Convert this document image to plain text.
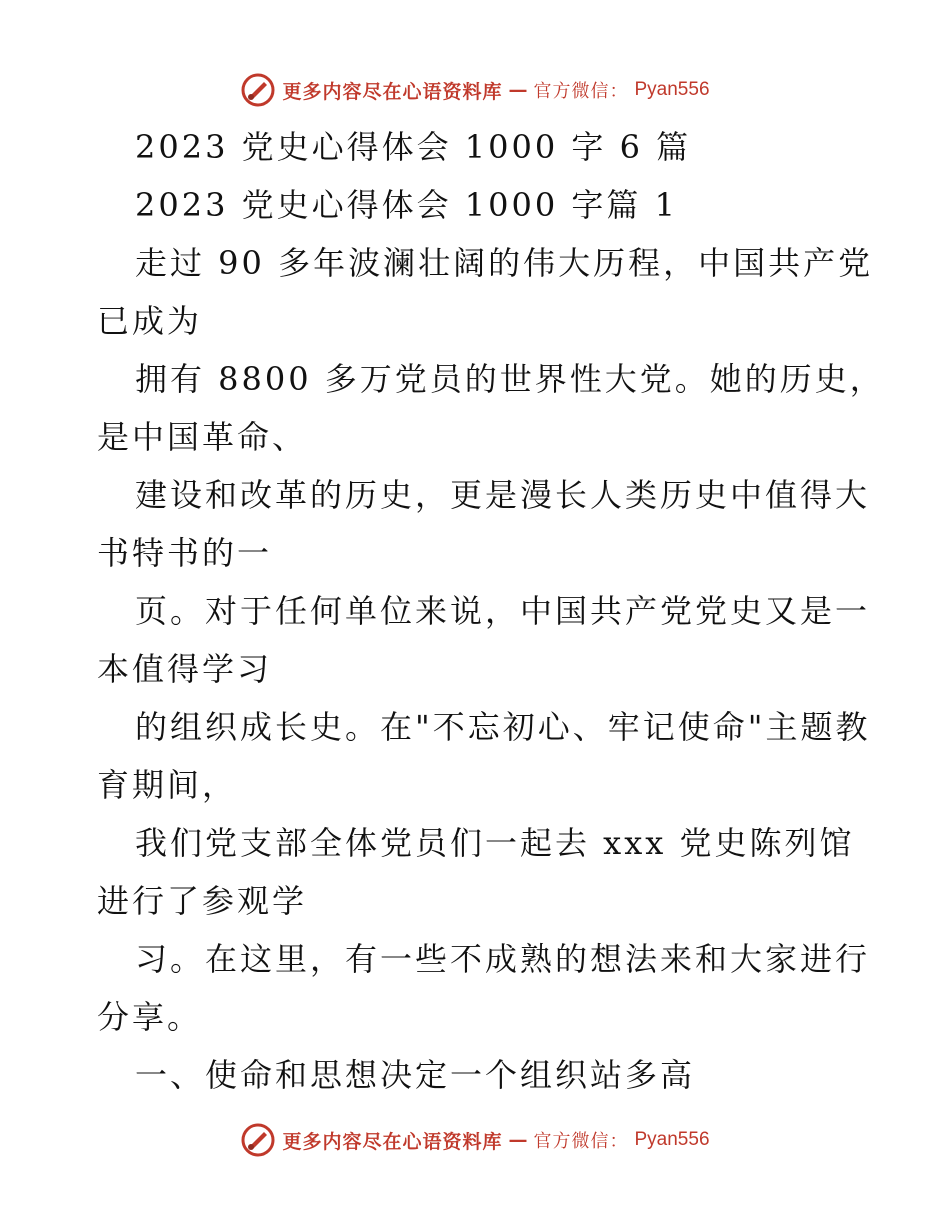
更多内容尽在心语资料库 — 官方微信： Pyan556

2023 党史心得体会 1000 字 6 篇

2023 党史心得体会 1000 字篇 1

走过 90 多年波澜壮阔的伟大历程，中国共产党

已成为

拥有 8800 多万党员的世界性大党。她的历史，

是中国革命、

建设和改革的历史，更是漫长人类历史中值得大

书特书的一

页。对于任何单位来说，中国共产党党史又是一

本值得学习

的组织成长史。在"不忘初心、牢记使命"主题教

育期间，

我们党支部全体党员们一起去 xxx 党史陈列馆

进行了参观学

习。在这里，有一些不成熟的想法来和大家进行

分享。

一、使命和思想决定一个组织站多高

更多内容尽在心语资料库 — 官方微信： Pyan556
